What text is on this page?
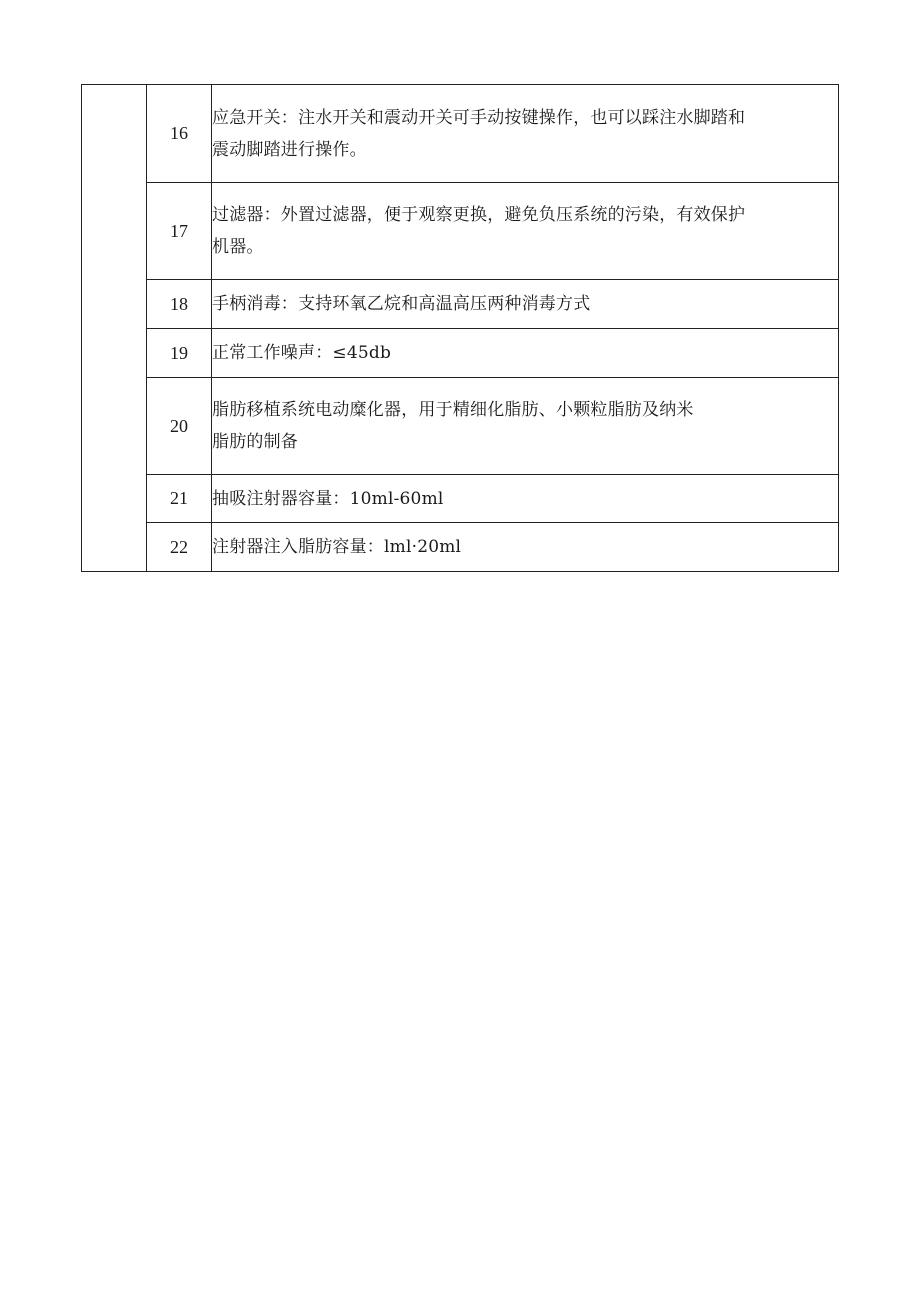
	16	应急开关：注水开关和震动开关可手动按键操作，也可以踩注水脚踏和
震动脚踏进行操作。

	17	过滤器：外置过滤器，便于观察更换，避免负压系统的污染，有效保护
机器。

	18	手柄消毒：支持环氧乙烷和高温高压两种消毒方式

	19	正常工作噪声：≤45db

	20	脂肪移植系统电动糜化器，用于精细化脂肪、小颗粒脂肪及纳米
脂肪的制备

	21	抽吸注射器容量：10ml-60ml

	22	注射器注入脂肪容量：lml·20ml
